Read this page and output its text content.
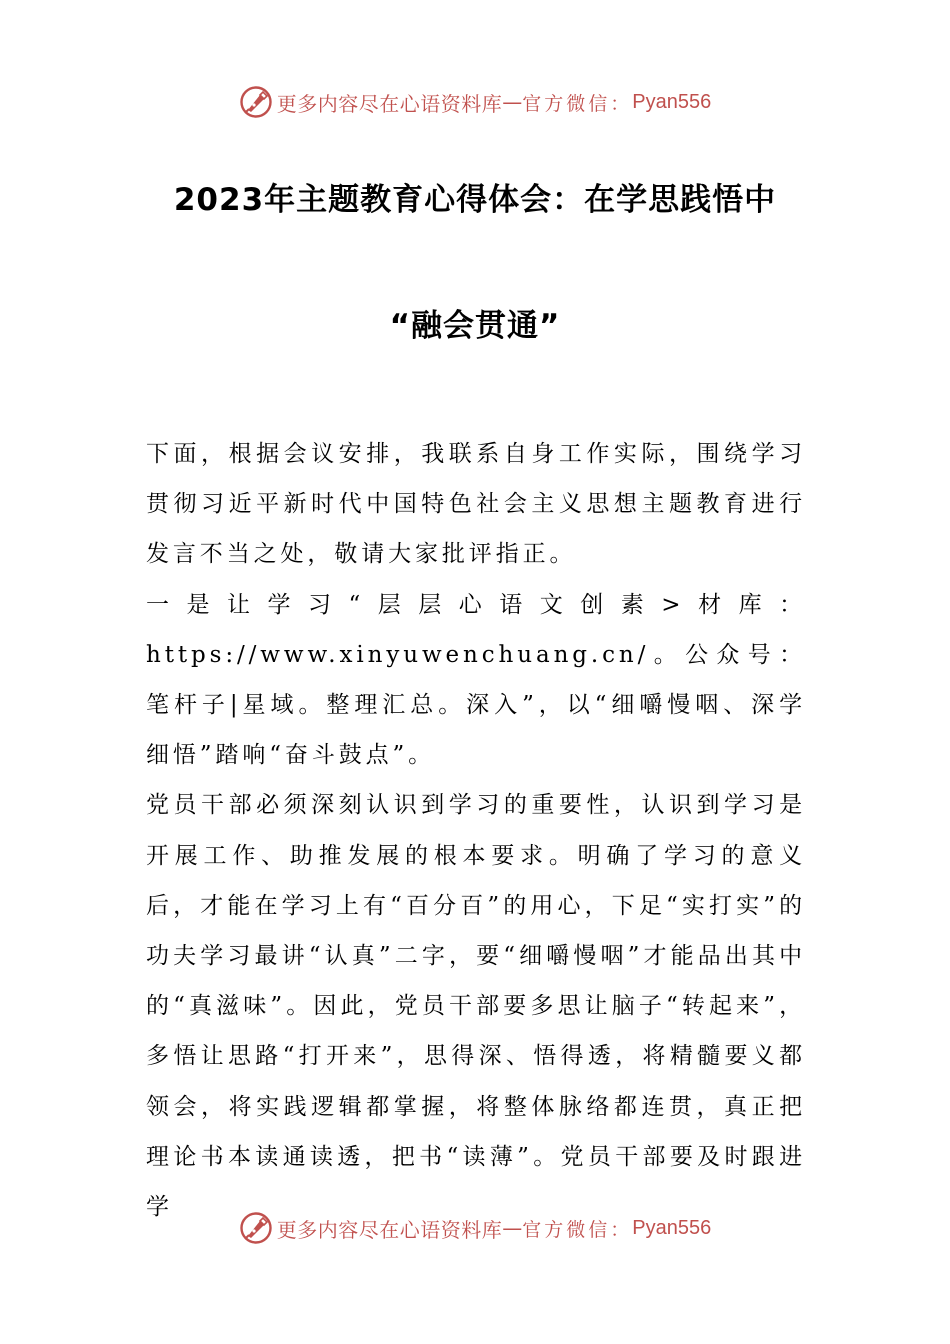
更多内容尽在心语资料库 — 官方微信： Pyan556
2023年主题教育心得体会：在学思践悟中
“融会贯通”

下面，根据会议安排，我联系自身工作实际，围绕学习贯彻习近平新时代中国特色社会主义思想主题教育进行发言不当之处，敬请大家批评指正。

一是让学习“层层心语文创素>材库：https://www.xinyuwenchuang.cn/。公众号：笔杆子|星域。整理汇总。深入”，以“细嚼慢咽、深学细悟”踏响“奋斗鼓点”。

党员干部必须深刻认识到学习的重要性，认识到学习是开展工作、助推发展的根本要求。明确了学习的意义后，才能在学习上有“百分百”的用心，下足“实打实”的功夫学习最讲“认真”二字，要“细嚼慢咽”才能品出其中的“真滋味”。因此，党员干部要多思让脑子“转起来”，多悟让思路“打开来”，思得深、悟得透，将精髓要义都领会，将实践逻辑都掌握，将整体脉络都连贯，真正把理论书本读通读透，把书“读薄”。党员干部要及时跟进学

更多内容尽在心语资料库 — 官方微信： Pyan556
